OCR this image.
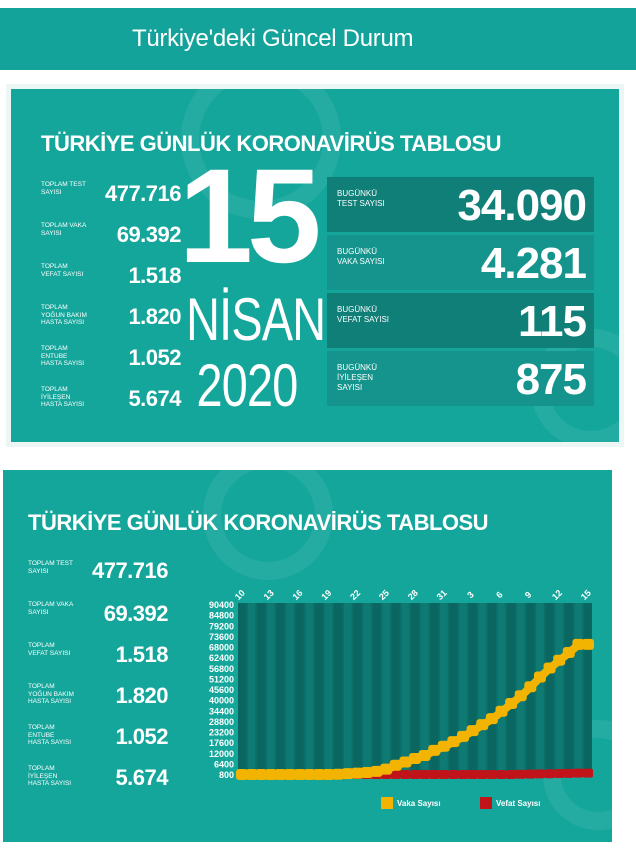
Türkiye'deki Güncel Durum
TÜRKİYE GÜNLÜK KORONAVİRÜS TABLOSU
TOPLAM TEST SAYISI	477.716
TOPLAM VAKA SAYISI	69.392
TOPLAM VEFAT SAYISI 1.518
TOPLAM YOĞUN BAKIM HASTA SAYISI 1.820
TOPLAM ENTUBE HASTA SAYISI 1.052
TOPLAM İYİLEŞEN HASTA SAYISI 5.674
15
NİSAN
2020
BUGÜNKÜ TEST SAYISI 34.090
BUGÜNKÜ VAKA SAYISI 4.281
BUGÜNKÜ VEFAT SAYISI	115
BUGÜNKÜ İYİLEŞEN SAYISI	875
TÜRKİYE GÜNLÜK KORONAVİRÜS TABLOSU
TOPLAM TEST SAYISI	477.716
TOPLAM VAKA SAYISI	69.392
TOPLAM VEFAT SAYISI 1.518
TOPLAM YOĞUN BAKIM HASTA SAYISI 1.820
TOPLAM ENTUBE HASTA SAYISI 1.052
TOPLAM İYİLEŞEN HASTA SAYISI 5.674
90400
84800
79200
73600
68000
62400
56800
51200
45600
40000
34400
28800
23200
17600
12000
6400
800
10 13 16 19 22 25 28 31 3 6 9 12 15
Vaka Sayısı	Vefat Sayısı
